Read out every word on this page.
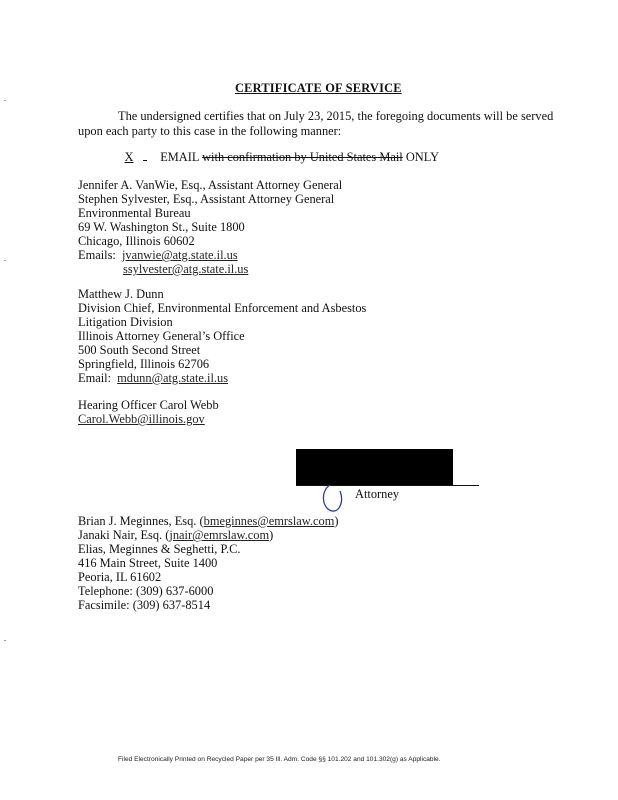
CERTIFICATE OF SERVICE
The undersigned certifies that on July 23, 2015, the foregoing documents will be served
upon each party to this case in the following manner:
X EMAIL with confirmation by United States Mail ONLY
Jennifer A. VanWie, Esq., Assistant Attorney General
Stephen Sylvester, Esq., Assistant Attorney General
Environmental Bureau
69 W. Washington St., Suite 1800
Chicago, Illinois 60602
Emails: jvanwie@atg.state.il.us
ssylvester@atg.state.il.us
Matthew J. Dunn
Division Chief, Environmental Enforcement and Asbestos
Litigation Division
Illinois Attorney General’s Office
500 South Second Street
Springfield, Illinois 62706
Email: mdunn@atg.state.il.us
Hearing Officer Carol Webb
Carol.Webb@illinois.gov
Attorney
Brian J. Meginnes, Esq. (bmeginnes@emrslaw.com)
Janaki Nair, Esq. (jnair@emrslaw.com)
Elias, Meginnes & Seghetti, P.C.
416 Main Street, Suite 1400
Peoria, IL 61602
Telephone: (309) 637-6000
Facsimile: (309) 637-8514
Filed Electronically Printed on Recycled Paper per 35 Ill. Adm. Code §§ 101.202 and 101.302(g) as Applicable.
